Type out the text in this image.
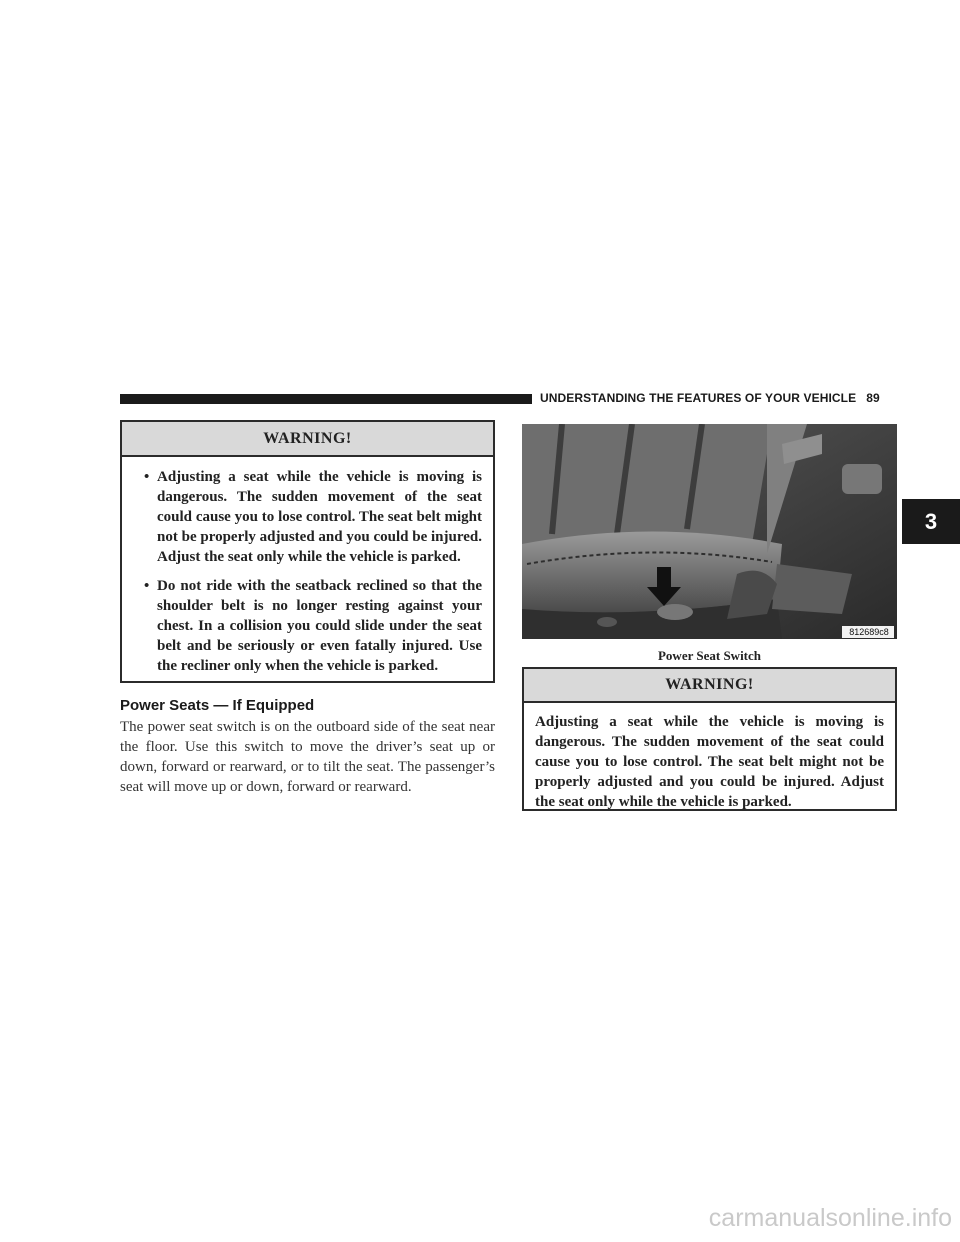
UNDERSTANDING THE FEATURES OF YOUR VEHICLE 89
3
WARNING!
• Adjusting a seat while the vehicle is moving is dangerous. The sudden movement of the seat could cause you to lose control. The seat belt might not be properly adjusted and you could be injured. Adjust the seat only while the vehicle is parked.
• Do not ride with the seatback reclined so that the shoulder belt is no longer resting against your chest. In a collision you could slide under the seat belt and be seriously or even fatally injured. Use the recliner only when the vehicle is parked.
Power Seats — If Equipped
The power seat switch is on the outboard side of the seat near the floor. Use this switch to move the driver’s seat up or down, forward or rearward, or to tilt the seat. The passenger’s seat will move up or down, forward or rearward.
812689c8
Power Seat Switch
WARNING!
Adjusting a seat while the vehicle is moving is dangerous. The sudden movement of the seat could cause you to lose control. The seat belt might not be properly adjusted and you could be injured. Adjust the seat only while the vehicle is parked.
carmanualsonline.info
